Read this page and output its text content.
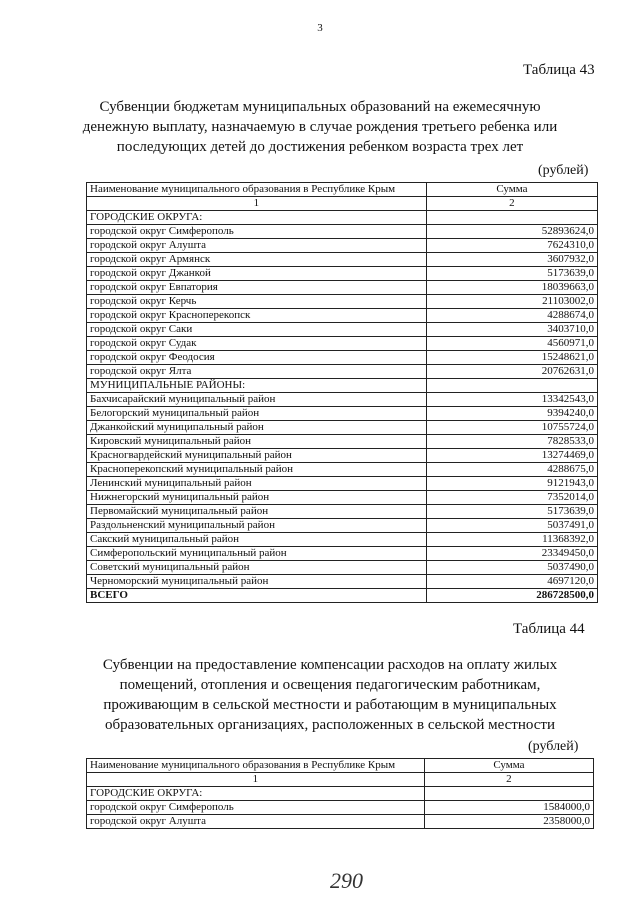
3
Таблица 43
Субвенции бюджетам муниципальных образований на ежемесячную
денежную выплату, назначаемую в случае рождения третьего ребенка или
последующих детей до достижения ребенком возраста трех лет
(рублей)
Наименование муниципального образования в Республике Крым	Сумма
1	2
ГОРОДСКИЕ ОКРУГА:	
городской округ Симферополь	52893624,0
городской округ Алушта	7624310,0
городской округ Армянск	3607932,0
городской округ Джанкой	5173639,0
городской округ Евпатория	18039663,0
городской округ Керчь	21103002,0
городской округ Красноперекопск	4288674,0
городской округ Саки	3403710,0
городской округ Судак	4560971,0
городской округ Феодосия	15248621,0
городской округ Ялта	20762631,0
МУНИЦИПАЛЬНЫЕ РАЙОНЫ:	
Бахчисарайский муниципальный район	13342543,0
Белогорский муниципальный район	9394240,0
Джанкойский муниципальный район	10755724,0
Кировский муниципальный район	7828533,0
Красногвардейский муниципальный район	13274469,0
Красноперекопский муниципальный район	4288675,0
Ленинский муниципальный район	9121943,0
Нижнегорский муниципальный район	7352014,0
Первомайский муниципальный район	5173639,0
Раздольненский муниципальный район	5037491,0
Сакский муниципальный район	11368392,0
Симферопольский муниципальный район	23349450,0
Советский муниципальный район	5037490,0
Черноморский муниципальный район	4697120,0
ВСЕГО	286728500,0
Таблица 44
Субвенции на предоставление компенсации расходов на оплату жилых
помещений, отопления и освещения педагогическим работникам,
проживающим в сельской местности и работающим в муниципальных
образовательных организациях, расположенных в сельской местности
(рублей)
Наименование муниципального образования в Республике Крым	Сумма
1	2
ГОРОДСКИЕ ОКРУГА:	
городской округ Симферополь	1584000,0
городской округ Алушта	2358000,0
290
